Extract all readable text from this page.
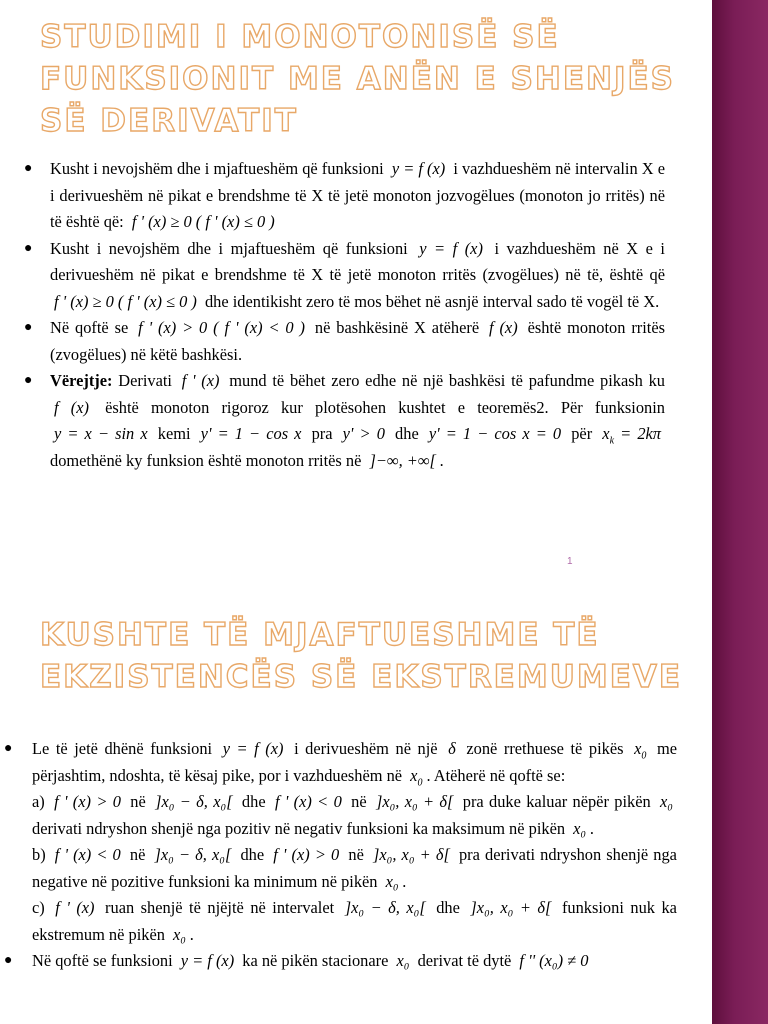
STUDIMI I MONOTONISË SË
FUNKSIONIT ME ANËN E SHENJËS
SË DERIVATIT
● Kusht i nevojshëm dhe i mjaftueshëm që funksioni y = f (x) i vazhdueshëm në intervalin X e i derivueshëm në pikat e brendshme të X të jetë monoton jozvogëlues (monoton jo rritës) në të është që: f ' (x) ≥ 0 ( f ' (x) ≤ 0 )
● Kusht i nevojshëm dhe i mjaftueshëm që funksioni y = f (x) i vazhdueshëm në X e i derivueshëm në pikat e brendshme të X të jetë monoton rritës (zvogëlues) në të, është që f ' (x) ≥ 0 ( f ' (x) ≤ 0 ) dhe identikisht zero të mos bëhet në asnjë interval sado të vogël të X.
● Në qoftë se f ' (x) > 0 ( f ' (x) < 0 ) në bashkësinë X atëherë f (x) është monoton rritës (zvogëlues) në këtë bashkësi.
● Vërejtje: Derivati f ' (x) mund të bëhet zero edhe në një bashkësi të pafundme pikash ku f (x) është monoton rigoroz kur plotësohen kushtet e teoremës2. Për funksionin y = x − sin x kemi y' = 1 − cos x pra y' > 0 dhe y' = 1 − cos x = 0 për $x_k = 2k\pi$ domethënë ky funksion është monoton rritës në ]−∞, +∞[ .
1
KUSHTE TË MJAFTUESHME TË
EKZISTENCËS SË EKSTREMUMEVE
● Le të jetë dhënë funksioni y = f (x) i derivueshëm në një δ zonë rrethuese të pikës $x_0$ me përjashtim, ndoshta, të kësaj pike, por i vazhdueshëm në $x_0$ . Atëherë në qoftë se:
a) f ' (x) > 0 në ]x₀ − δ, x₀[ dhe f ' (x) < 0 në ]x₀, x₀ + δ[ pra duke kaluar nëpër pikën x₀ derivati ndryshon shenjë nga pozitiv në negativ funksioni ka maksimum në pikën x₀ .
b) f ' (x) < 0 në ]x₀ − δ, x₀[ dhe f ' (x) > 0 në ]x₀, x₀ + δ[ pra derivati ndryshon shenjë nga negative në pozitive funksioni ka minimum në pikën x₀ .
c) f ' (x) ruan shenjë të njëjtë në intervalet ]x₀ − δ, x₀[ dhe ]x₀, x₀ + δ[ funksioni nuk ka ekstremum në pikën x₀ .
● Në qoftë se funksioni y = f (x) ka në pikën stacionare x₀ derivat të dytë f '' (x₀) ≠ 0
